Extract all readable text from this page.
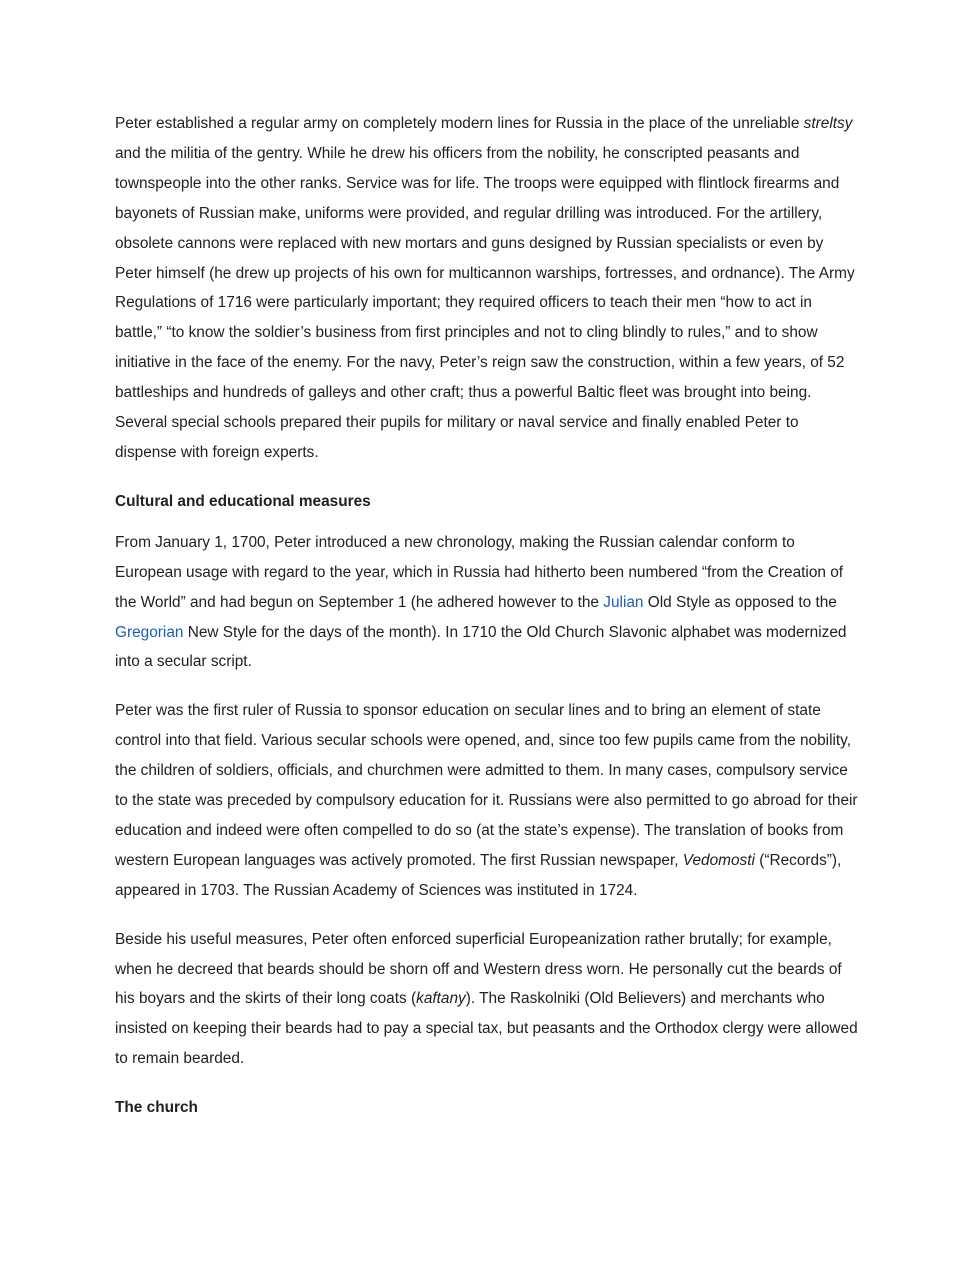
Peter established a regular army on completely modern lines for Russia in the place of the unreliable streltsy and the militia of the gentry. While he drew his officers from the nobility, he conscripted peasants and townspeople into the other ranks. Service was for life. The troops were equipped with flintlock firearms and bayonets of Russian make, uniforms were provided, and regular drilling was introduced. For the artillery, obsolete cannons were replaced with new mortars and guns designed by Russian specialists or even by Peter himself (he drew up projects of his own for multicannon warships, fortresses, and ordnance). The Army Regulations of 1716 were particularly important; they required officers to teach their men “how to act in battle,” “to know the soldier’s business from first principles and not to cling blindly to rules,” and to show initiative in the face of the enemy. For the navy, Peter’s reign saw the construction, within a few years, of 52 battleships and hundreds of galleys and other craft; thus a powerful Baltic fleet was brought into being. Several special schools prepared their pupils for military or naval service and finally enabled Peter to dispense with foreign experts.

Cultural and educational measures

From January 1, 1700, Peter introduced a new chronology, making the Russian calendar conform to European usage with regard to the year, which in Russia had hitherto been numbered “from the Creation of the World” and had begun on September 1 (he adhered however to the Julian Old Style as opposed to the Gregorian New Style for the days of the month). In 1710 the Old Church Slavonic alphabet was modernized into a secular script.

Peter was the first ruler of Russia to sponsor education on secular lines and to bring an element of state control into that field. Various secular schools were opened, and, since too few pupils came from the nobility, the children of soldiers, officials, and churchmen were admitted to them. In many cases, compulsory service to the state was preceded by compulsory education for it. Russians were also permitted to go abroad for their education and indeed were often compelled to do so (at the state’s expense). The translation of books from western European languages was actively promoted. The first Russian newspaper, Vedomosti (“Records”), appeared in 1703. The Russian Academy of Sciences was instituted in 1724.

Beside his useful measures, Peter often enforced superficial Europeanization rather brutally; for example, when he decreed that beards should be shorn off and Western dress worn. He personally cut the beards of his boyars and the skirts of their long coats (kaftany). The Raskolniki (Old Believers) and merchants who insisted on keeping their beards had to pay a special tax, but peasants and the Orthodox clergy were allowed to remain bearded.

The church
